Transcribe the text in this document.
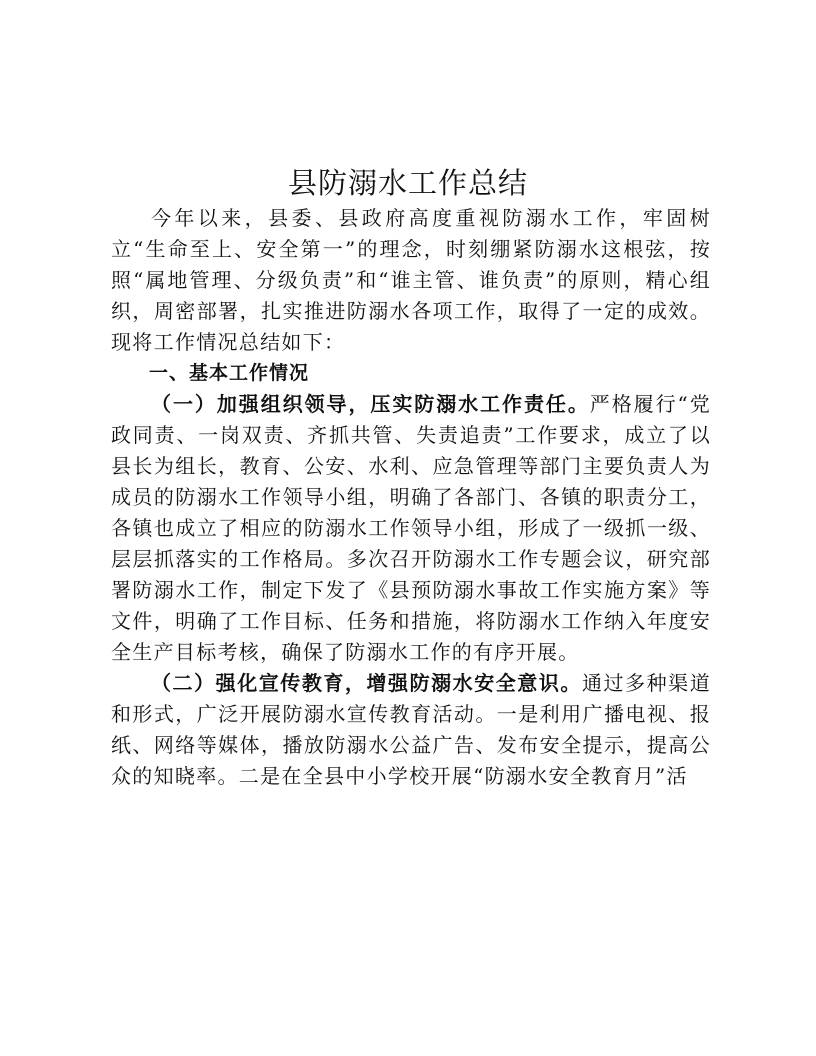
县防溺水工作总结

今年以来，县委、县政府高度重视防溺水工作，牢固树立“生命至上、安全第一”的理念，时刻绷紧防溺水这根弦，按照“属地管理、分级负责”和“谁主管、谁负责”的原则，精心组织，周密部署，扎实推进防溺水各项工作，取得了一定的成效。现将工作情况总结如下：

一、基本工作情况

（一）加强组织领导，压实防溺水工作责任。严格履行“党政同责、一岗双责、齐抓共管、失责追责”工作要求，成立了以县长为组长，教育、公安、水利、应急管理等部门主要负责人为成员的防溺水工作领导小组，明确了各部门、各镇的职责分工，各镇也成立了相应的防溺水工作领导小组，形成了一级抓一级、层层抓落实的工作格局。多次召开防溺水工作专题会议，研究部署防溺水工作，制定下发了《县预防溺水事故工作实施方案》等文件，明确了工作目标、任务和措施，将防溺水工作纳入年度安全生产目标考核，确保了防溺水工作的有序开展。

（二）强化宣传教育，增强防溺水安全意识。通过多种渠道和形式，广泛开展防溺水宣传教育活动。一是利用广播电视、报纸、网络等媒体，播放防溺水公益广告、发布安全提示，提高公众的知晓率。二是在全县中小学校开展“防溺水安全教育月”活
